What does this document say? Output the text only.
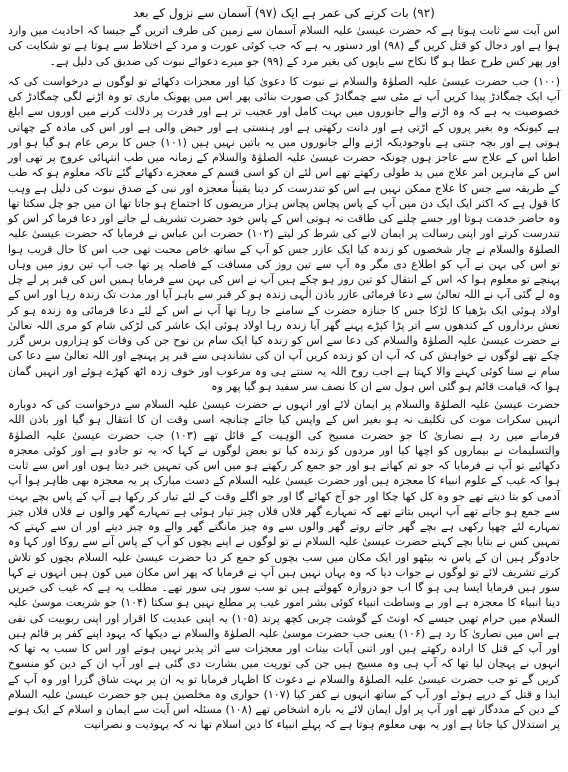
(۹۲) بات کرنے کی عمر ہے ایک (۹۷) آسمان سے نزول کے بعد

اس آیت سے ثابت ہوتا ہے کہ حضرت عیسیٰ علیہ السلام آسمان سے زمین کی طرف اتریں گے جیسا کہ احادیث میں وارد ہوا ہے اور دجال کو قتل کریں گے (۹۸) اور دستور یہ ہے کہ جب کوئی عورت و مرد کے اختلاط سے ہوتا ہے تو شکایت کی اور پھر کس طرح عطا ہو گا نکاح سے باپوں کی بغیر مرد کے (۹۹) جو میرے دعوائے نبوت کی صدیق کی دلیل ہے۔

(۱۰۰) جب حضرت عیسیٰ علیہ الصلوٰۃ والسلام نے نبوت کا دعویٰ کیا اور معجزات دکھائے تو لوگوں نے درخواست کی کہ آپ ایک چمگادڑ پیدا کریں آپ نے مٹی سے چمگادڑ کی صورت بنائی پھر اس میں پھونک ماری تو وہ اڑنے لگی چمگادڑ کی خصوصیت یہ ہے کہ وہ اڑنے والے جانوروں میں بہت کامل اور عجیب تر ہے اور قدرت پر دلالت کرنے میں اوروں سے ابلغ ہے کیونکہ وہ بغیر پروں کے اڑتی ہے اور دانت رکھتی ہے اور ہنستی ہے اور حیض والی ہے اور اس کی مادہ کے چھاتی ہوتی ہے اور بچہ جنتی ہے باوجودیکہ اڑنے والے جانوروں میں یہ باتیں نہیں ہیں (۱۰۱) جس کا برص عام ہو گیا ہو اور اطبا اس کے علاج سے عاجز ہوں چونکہ حضرت عیسیٰ علیہ الصلوٰۃ والسلام کے زمانہ میں طب انتہائی عروج پر تھی اور اس کے ماہرین امر علاج میں ید طولی رکھتے تھے اس لئے ان کو اسی قسم کے معجزے دکھائے گئے تاکہ معلوم ہو کہ طب کے طریقہ سے جس کا علاج ممکن نہیں ہے اس کو تندرست کر دینا یقیناً معجزہ اور نبی کے صدق نبوت کی دلیل ہے وہب کا قول ہے کہ اکثر ایک ایک دن میں آپ کے پاس پچاس پچاس ہزار مریضوں کا اجتماع ہو جاتا تھا ان میں جو چل سکتا تھا وہ حاضر خدمت ہوتا اور جسے چلنے کی طاقت نہ ہوتی اس کے پاس خود حضرت تشریف لے جاتے اور دعا فرما کر اس کو تندرست کرتے اور اپنی رسالت پر ایمان لانے کی شرط کر لیتے (۱۰۲) حضرت ابن عباس نے فرمایا کہ حضرت عیسیٰ علیہ الصلوٰۃ والسلام نے چار شخصوں کو زندہ کیا ایک عازر جس کو آپ کے ساتھ خاص محبت تھی جب اس کا حال قریب ہوا تو اس کی بہن نے آپ کو اطلاع دی مگر وہ آپ سے تین روز کی مسافت کے فاصلہ پر تھا جب آپ تین روز میں وہاں پہنچے تو معلوم ہوا کہ اس کے انتقال کو تین روز ہو چکے ہیں آپ نے اس کی بہن سے فرمایا ہمیں اس کی قبر پر لے چل وہ لے گئی آپ نے اللہ تعالیٰ سے دعا فرمائی عازر باذن الٰہی زندہ ہو کر قبر سے باہر آیا اور مدت تک زندہ رہا اور اس کے اولاد ہوئی ایک بڑھیا کا لڑکا جس کا جنازہ حضرت کے سامنے جا رہا تھا آپ نے اس کے لئے دعا فرمائی وہ زندہ ہو کر نعش برداروں کے کندھوں سے اتر پڑا کپڑے پہنے گھر آیا زندہ رہا اولاد ہوئی ایک عاشر کی لڑکی شام کو مری اللہ تعالیٰ نے حضرت عیسیٰ علیہ الصلوٰۃ والسلام کی دعا سے اس کو زندہ کیا ایک سام بن نوح جن کی وفات کو ہزاروں برس گزر چکے تھے لوگوں نے خواہش کی کہ آپ ان کو زندہ کریں آپ ان کی نشاندہی سے قبر پر پہنچے اور اللہ تعالیٰ سے دعا کی سام نے سنا کوئی کہنے والا کہتا ہے اجب روح اللہ یہ سنتے ہی وہ مرعوب اور خوف زدہ اٹھ کھڑے ہوئے اور انہیں گمان ہوا کہ قیامت قائم ہو گئی اس ہول سے ان کا نصف سر سفید ہو گیا پھر وہ

حضرت عیسیٰ علیہ الصلوٰۃ والسلام پر ایمان لائے اور انہوں نے حضرت عیسیٰ علیہ السلام سے درخواست کی کہ دوبارہ انہیں سکرات موت کی تکلیف نہ ہو بغیر اس کے واپس کیا جائے چنانچہ اسی وقت ان کا انتقال ہو گیا اور باذن اللہ فرمانے میں رد ہے نصاریٰ کا جو حضرت مسیح کی الوہیت کے قائل تھے (۱۰۳) جب حضرت عیسیٰ علیہ الصلوٰۃ والتسلیمات نے بیماروں کو اچھا کیا اور مردوں کو زندہ کیا تو بعض لوگوں نے کہا کہ یہ تو جادو ہے اور کوئی معجزہ دکھائیے تو آپ نے فرمایا کہ جو تم کھاتے ہو اور جو جمع کر رکھتے ہو میں اس کی تمہیں خبر دیتا ہوں اور اس سے ثابت ہوا کہ غیب کے علوم انبیاء کا معجزہ ہیں اور حضرت عیسیٰ علیہ السلام کے دست مبارک پر یہ معجزہ بھی ظاہر ہوا آپ آدمی کو بتا دیتے تھے جو وہ کل کھا چکا اور جو آج کھائے گا اور جو اگلے وقت کے لئے تیار کر رکھا ہے آپ کے پاس بچے بہت سے جمع ہو جاتے تھے آپ انہیں بتاتے تھے کہ تمہارے گھر فلاں فلاں چیز تیار ہوئی ہے تمہارے گھر والوں نے فلاں فلاں چیز تمہارے لئے چھپا رکھی ہے بچے گھر جاتے روتے گھر والوں سے وہ چیز مانگتے گھر والے وہ چیز دیتے اور ان سے کہتے کہ تمہیں کس نے بتایا بچے کہتے حضرت عیسیٰ علیہ السلام نے تو لوگوں نے اپنے بچوں کو آپ کے پاس آنے سے روکا اور کہا وہ جادوگر ہیں ان کے پاس نہ بیٹھو اور ایک مکان میں سب بچوں کو جمع کر دیا حضرت عیسیٰ علیہ السلام بچوں کو تلاش کرتے تشریف لائے تو لوگوں نے جواب دیا کہ وہ یہاں نہیں ہیں آپ نے فرمایا کہ پھر اس مکان میں کون ہیں انہوں نے کہا سور ہیں فرمایا ایسا ہی ہو گا اب جو دروازہ کھولتے ہیں تو سب سور ہی سور تھے۔ مطلب یہ ہے کہ غیب کی خبریں دینا انبیاء کا معجزہ ہے اور بے وساطت انبیاء کوئی بشر امور غیب پر مطلع نہیں ہو سکتا (۱۰۴) جو شریعت موسیٰ علیہ السلام میں حرام تھیں جیسے کہ اونٹ کے گوشت چربی کچھ پرند (۱۰۵) یہ اپنی عبدیت کا اقرار اور اپنی ربوبیت کی نفی ہے اس میں نصاریٰ کا رد ہے (۱۰۶) یعنی جب حضرت موسیٰ علیہ الصلوٰۃ والسلام نے دیکھا کہ یہود اپنے کفر پر قائم ہیں اور آپ کے قتل کا ارادہ رکھتے ہیں اور اتنی آیات بینات اور معجزات سے اثر پذیر نہیں ہوتے اور اس کا سبب یہ تھا کہ انہوں نے پہچان لیا تھا کہ آپ ہی وہ مسیح ہیں جن کی توریت میں بشارت دی گئی ہے اور آپ ان کے دین کو منسوخ کریں گے تو جب حضرت عیسیٰ علیہ الصلوٰۃ والسلام نے دعوت کا اظہار فرمایا تو یہ ان پر بہت شاق گزرا اور وہ آپ کے ایذا و قتل کے درپے ہوئے اور آپ کے ساتھ انہوں نے کفر کیا (۱۰۷) حواری وہ مخلصین ہیں جو حضرت عیسیٰ علیہ السلام کے دین کے مددگار تھے اور آپ پر اول ایمان لائے یہ بارہ اشخاص تھے (۱۰۸) مسئلہ اس آیت سے ایمان و اسلام کے ایک ہونے پر استدلال کیا جاتا ہے اور یہ بھی معلوم ہوتا ہے کہ پہلے انبیاء کا دین اسلام تھا نہ کہ یہودیت و نصرانیت
